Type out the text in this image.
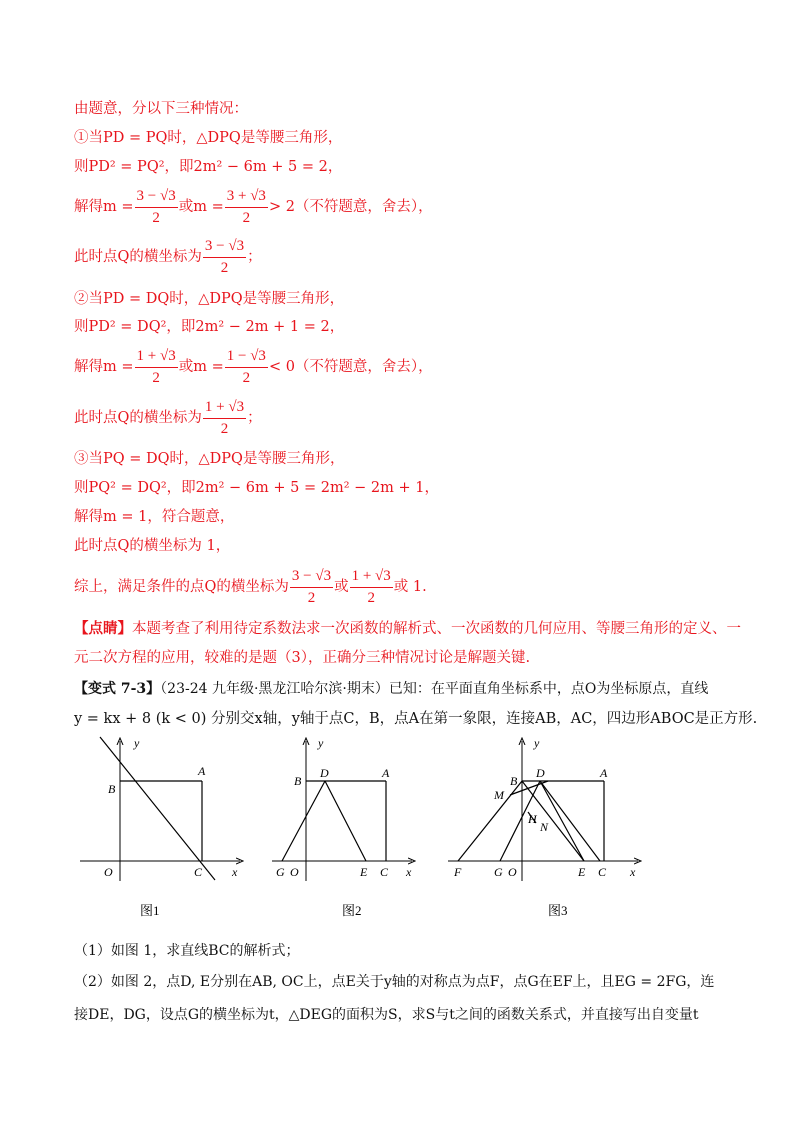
由题意，分以下三种情况：
①当PD = PQ时，△DPQ是等腰三角形，
则PD² = PQ²，即2m² − 6m + 5 = 2，
解得$m = \frac{3 - √3}{2}$ 或$m = \frac{3 + √3}{2} > 2$（不符题意，舍去），
此时点Q的横坐标为 $\frac{3 - √3}{2}$ ；
②当PD = DQ时，△DPQ是等腰三角形，
则PD² = DQ²，即2m² − 2m + 1 = 2，
解得$m = \frac{1 + √3}{2}$ 或$m = \frac{1 - √3}{2} < 0$（不符题意，舍去），
此时点Q的横坐标为 $\frac{1 + √3}{2}$ ；
③当PQ = DQ时，△DPQ是等腰三角形，
则PQ² = DQ²，即2m² − 6m + 5 = 2m² − 2m + 1，
解得m = 1，符合题意，
此时点Q的横坐标为 1，
综上，满足条件的点Q的横坐标为 $\frac{3 - √3}{2}$ 或 $\frac{1 + √3}{2}$ 或 1.
【点睛】本题考查了利用待定系数法求一次函数的解析式、一次函数的几何应用、等腰三角形的定义、一
元二次方程的应用，较难的是题（3），正确分三种情况讨论是解题关键.
【变式 7-3】（23-24 九年级·黑龙江哈尔滨·期末）已知：在平面直角坐标系中，点O为坐标原点，直线
y = kx + 8 (k < 0) 分别交x轴，y轴于点C，B，点A在第一象限，连接AB，AC，四边形ABOC是正方形.
y
x
O
A
B
C
图1
y
x
G O
D	A
B
E C
图2
y
x
F	G O
B
D	A
M
H
N
E C
图3
（1）如图 1，求直线BC的解析式；
（2）如图 2，点D, E分别在AB, OC上，点E关于y轴的对称点为点F，点G在EF上，且EG = 2FG，连
接DE，DG，设点G的横坐标为t，△DEG的面积为S，求S与t之间的函数关系式，并直接写出自变量t
